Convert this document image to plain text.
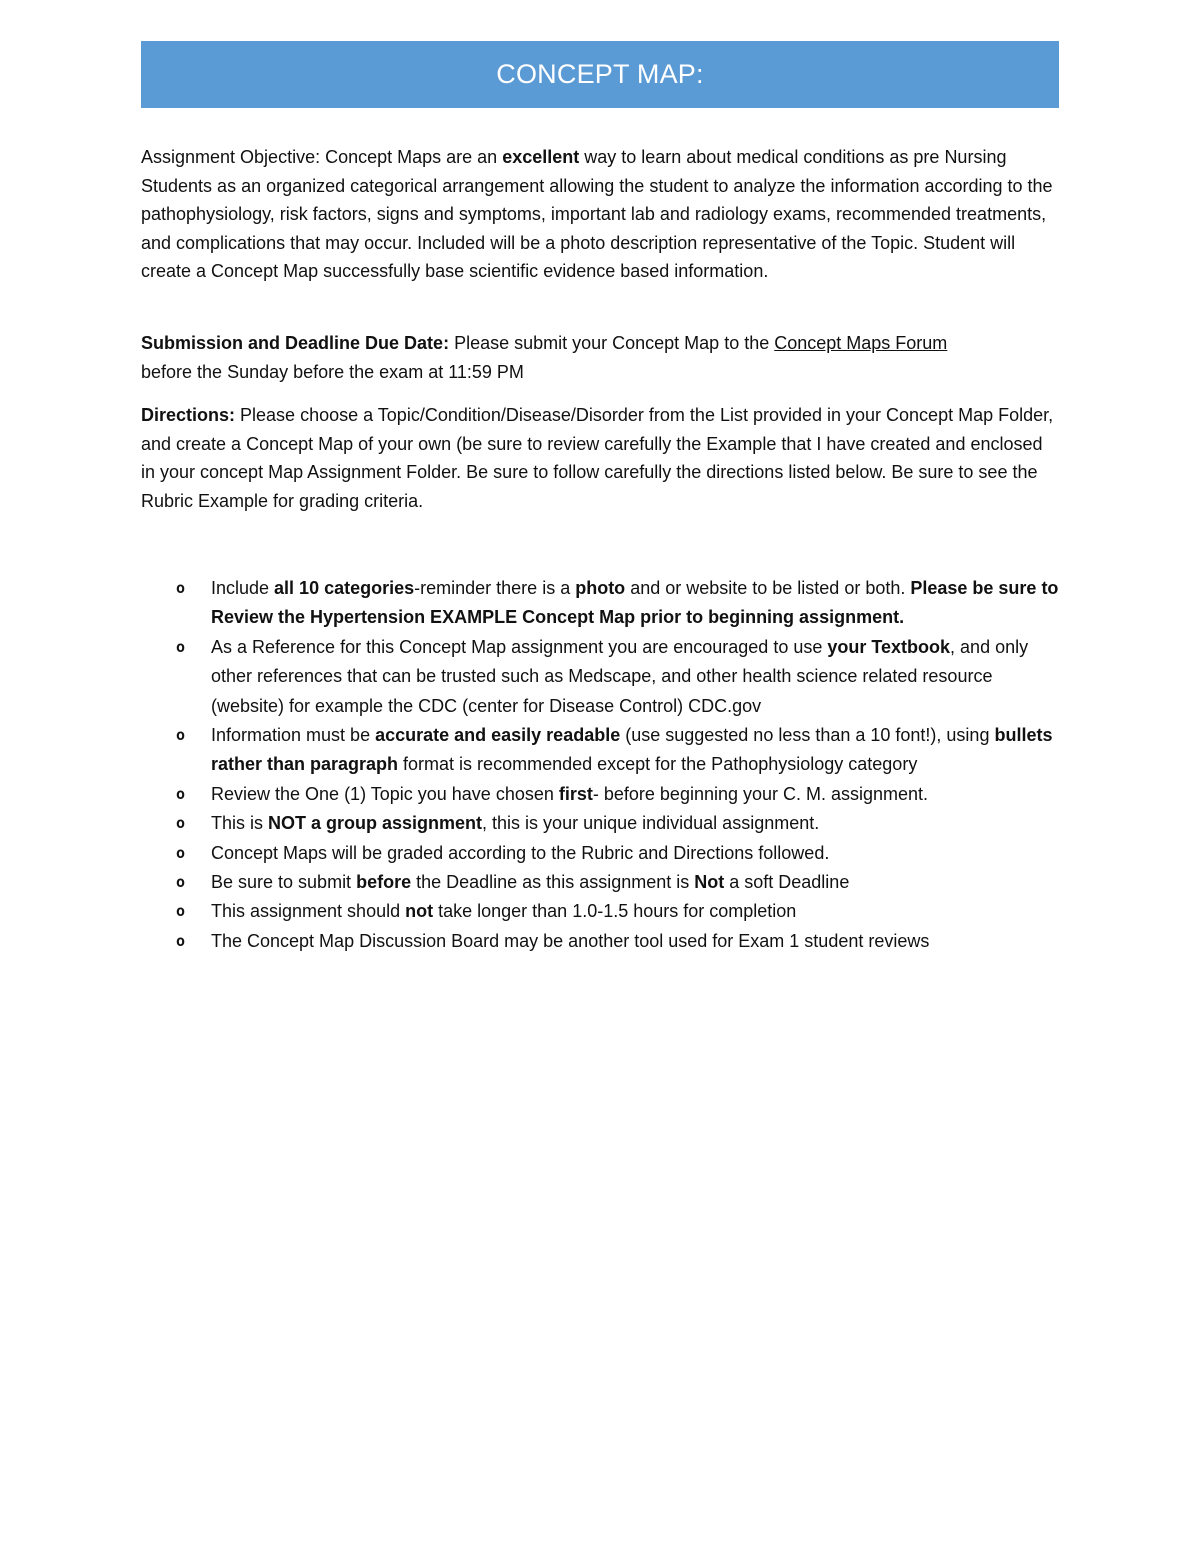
CONCEPT MAP:

Assignment Objective: Concept Maps are an excellent way to learn about medical conditions as pre Nursing Students as an organized categorical arrangement allowing the student to analyze the information according to the pathophysiology, risk factors, signs and symptoms, important lab and radiology exams, recommended treatments, and complications that may occur. Included will be a photo description representative of the Topic. Student will create a Concept Map successfully base scientific evidence based information.

Submission and Deadline Due Date: Please submit your Concept Map to the Concept Maps Forum
before the Sunday before the exam at 11:59 PM

Directions: Please choose a Topic/Condition/Disease/Disorder from the List provided in your Concept Map Folder, and create a Concept Map of your own (be sure to review carefully the Example that I have created and enclosed in your concept Map Assignment Folder. Be sure to follow carefully the directions listed below. Be sure to see the Rubric Example for grading criteria.

o Include all 10 categories-reminder there is a photo and or website to be listed or both. Please be sure to Review the Hypertension EXAMPLE Concept Map prior to beginning assignment.
o As a Reference for this Concept Map assignment you are encouraged to use your Textbook, and only other references that can be trusted such as Medscape, and other health science related resource (website) for example the CDC (center for Disease Control) CDC.gov
o Information must be accurate and easily readable (use suggested no less than a 10 font!), using bullets rather than paragraph format is recommended except for the Pathophysiology category
o Review the One (1) Topic you have chosen first- before beginning your C. M. assignment.
o This is NOT a group assignment, this is your unique individual assignment.
o Concept Maps will be graded according to the Rubric and Directions followed.
o Be sure to submit before the Deadline as this assignment is Not a soft Deadline
o This assignment should not take longer than 1.0-1.5 hours for completion
o The Concept Map Discussion Board may be another tool used for Exam 1 student reviews
